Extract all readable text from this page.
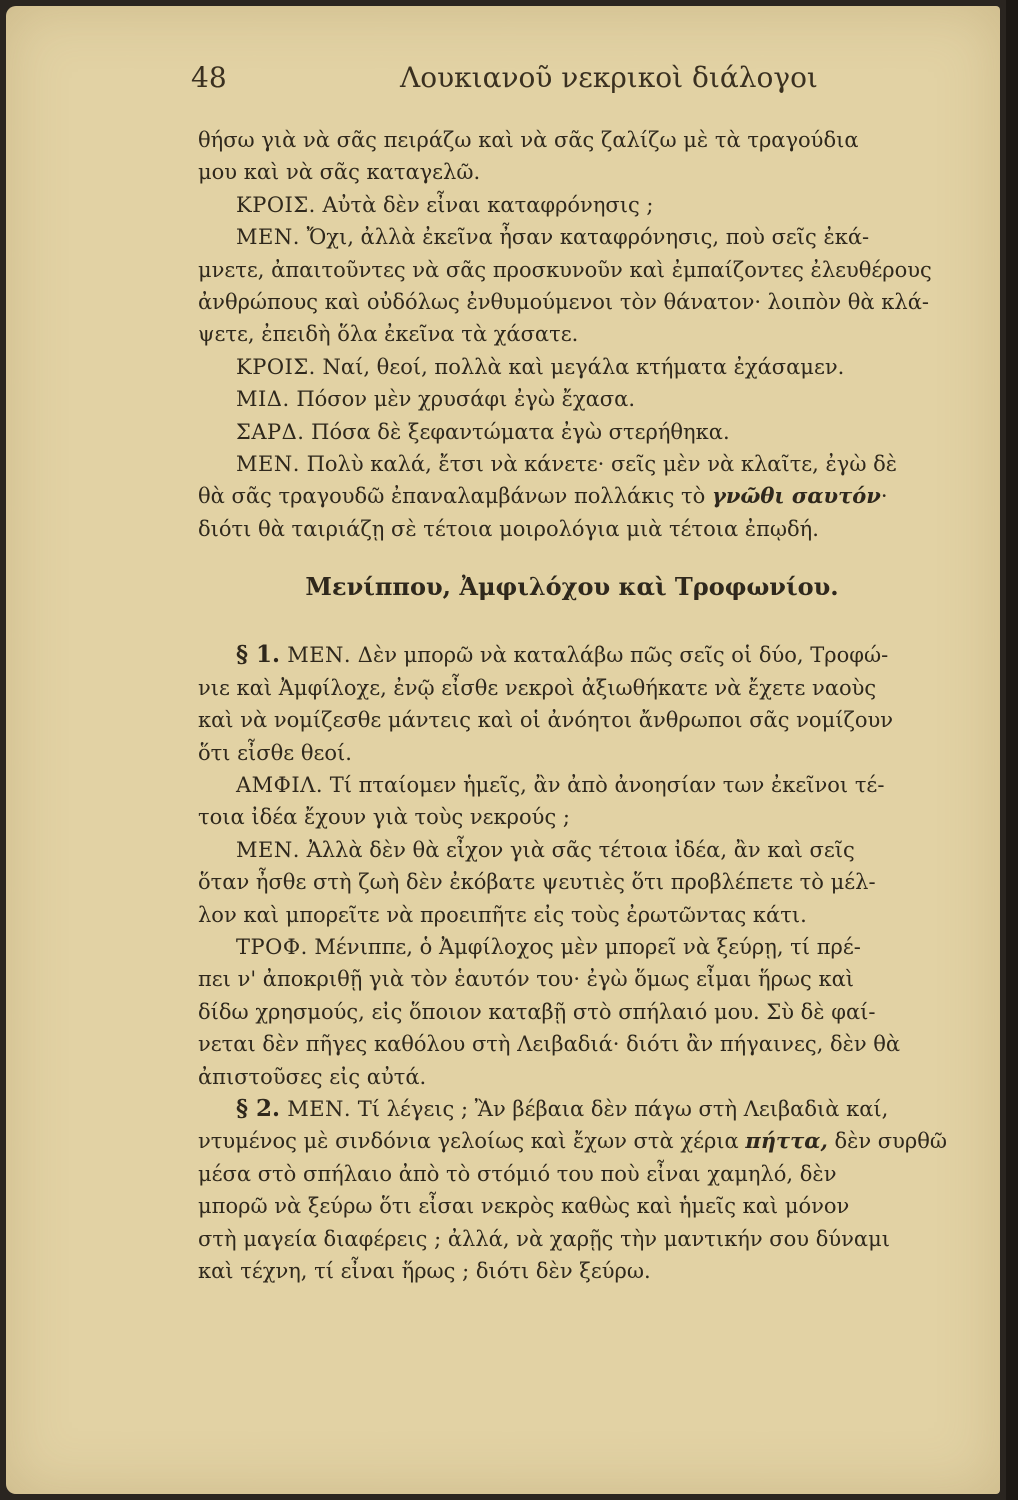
48	Λουκιανοῦ νεκρικοὶ διάλογοι
θήσω γιὰ νὰ σᾶς πειράζω καὶ νὰ σᾶς ζαλίζω μὲ τὰ τραγούδια
μου καὶ νὰ σᾶς καταγελῶ.
ΚΡΟΙΣ. Αὐτὰ δὲν εἶναι καταφρόνησις ;
ΜΕΝ. Ὄχι, ἀλλὰ ἐκεῖνα ἦσαν καταφρόνησις, ποὺ σεῖς ἐκά-
μνετε, ἀπαιτοῦντες νὰ σᾶς προσκυνοῦν καὶ ἐμπαίζοντες ἐλευθέρους
ἀνθρώπους καὶ οὐδόλως ἐνθυμούμενοι τὸν θάνατον· λοιπὸν θὰ κλά-
ψετε, ἐπειδὴ ὅλα ἐκεῖνα τὰ χάσατε.
ΚΡΟΙΣ. Ναί, θεοί, πολλὰ καὶ μεγάλα κτήματα ἐχάσαμεν.
ΜΙΔ. Πόσον μὲν χρυσάφι ἐγὼ ἔχασα.
ΣΑΡΔ. Πόσα δὲ ξεφαντώματα ἐγὼ στερήθηκα.
ΜΕΝ. Πολὺ καλά, ἔτσι νὰ κάνετε· σεῖς μὲν νὰ κλαῖτε, ἐγὼ δὲ
θὰ σᾶς τραγουδῶ ἐπαναλαμβάνων πολλάκις τὸ γνῶθι σαυτόν·
διότι θὰ ταιριάζῃ σὲ τέτοια μοιρολόγια μιὰ τέτοια ἐπῳδή.
Μενίππου, Ἀμφιλόχου καὶ Τροφωνίου.
§ 1. ΜΕΝ. Δὲν μπορῶ νὰ καταλάβω πῶς σεῖς οἱ δύο, Τροφώ-
νιε καὶ Ἀμφίλοχε, ἐνῷ εἶσθε νεκροὶ ἀξιωθήκατε νὰ ἔχετε ναοὺς
καὶ νὰ νομίζεσθε μάντεις καὶ οἱ ἀνόητοι ἄνθρωποι σᾶς νομίζουν
ὅτι εἶσθε θεοί.
ΑΜΦΙΛ. Τί πταίομεν ἡμεῖς, ἂν ἀπὸ ἀνοησίαν των ἐκεῖνοι τέ-
τοια ἰδέα ἔχουν γιὰ τοὺς νεκρούς ;
ΜΕΝ. Ἀλλὰ δὲν θὰ εἶχον γιὰ σᾶς τέτοια ἰδέα, ἂν καὶ σεῖς
ὅταν ἦσθε στὴ ζωὴ δὲν ἐκόβατε ψευτιὲς ὅτι προβλέπετε τὸ μέλ-
λον καὶ μπορεῖτε νὰ προειπῆτε εἰς τοὺς ἐρωτῶντας κάτι.
ΤΡΟΦ. Μένιππε, ὁ Ἀμφίλοχος μὲν μπορεῖ νὰ ξεύρῃ, τί πρέ-
πει ν' ἀποκριθῇ γιὰ τὸν ἑαυτόν του· ἐγὼ ὅμως εἶμαι ἥρως καὶ
δίδω χρησμούς, εἰς ὅποιον καταβῇ στὸ σπήλαιό μου. Σὺ δὲ φαί-
νεται δὲν πῆγες καθόλου στὴ Λειβαδιά· διότι ἂν πήγαινες, δὲν θὰ
ἀπιστοῦσες εἰς αὐτά.
§ 2. ΜΕΝ. Τί λέγεις ; Ἂν βέβαια δὲν πάγω στὴ Λειβαδιὰ καί,
ντυμένος μὲ σινδόνια γελοίως καὶ ἔχων στὰ χέρια πήττα, δὲν συρθῶ
μέσα στὸ σπήλαιο ἀπὸ τὸ στόμιό του ποὺ εἶναι χαμηλό, δὲν
μπορῶ νὰ ξεύρω ὅτι εἶσαι νεκρὸς καθὼς καὶ ἡμεῖς καὶ μόνον
στὴ μαγεία διαφέρεις ; ἀλλά, νὰ χαρῇς τὴν μαντικήν σου δύναμι
καὶ τέχνη, τί εἶναι ἥρως ; διότι δὲν ξεύρω.
